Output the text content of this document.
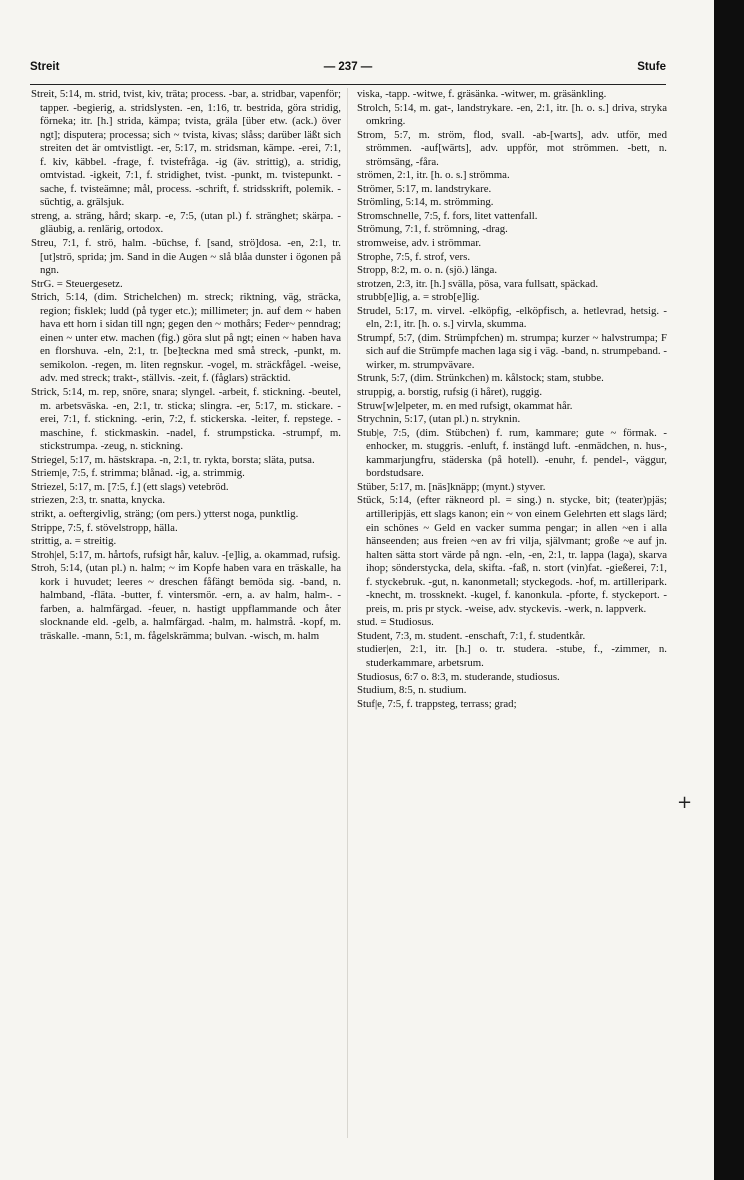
Streit	— 237 —	Stufe

Streit, 5:14, m. strid, tvist, kiv, träta; process. -bar, a. stridbar, vapenför; tapper. -begierig, a. stridslysten. -en, 1:16, tr. bestrida, göra stridig, förneka; itr. [h.] strida, kämpa; tvista, gräla [über etw. (ack.) över ngt]; disputera; processa; sich ~ tvista, kivas; slåss; darüber läßt sich streiten det är omtvistligt. -er, 5:17, m. stridsman, kämpe. -erei, 7:1, f. kiv, käbbel. -frage, f. tvistefråga. -ig (äv. strittig), a. stridig, omtvistad. -igkeit, 7:1, f. stridighet, tvist. -punkt, m. tvistepunkt. -sache, f. tvisteämne; mål, process. -schrift, f. stridsskrift, polemik. -süchtig, a. grälsjuk.

streng, a. sträng, hård; skarp. -e, 7:5, (utan pl.) f. stränghet; skärpa. -gläubig, a. renlärig, ortodox.

Streu, 7:1, f. strö, halm. -büchse, f. [sand, strö]dosa. -en, 2:1, tr. [ut]strö, sprida; jm. Sand in die Augen ~ slå blåa dunster i ögonen på ngn.

StrG. = Steuergesetz.

Strich, 5:14, (dim. Strichelchen) m. streck; riktning, väg, sträcka, region; fisklek; ludd (på tyger etc.); millimeter; jn. auf dem ~ haben hava ett horn i sidan till ngn; gegen den ~ mothårs; Feder~ penndrag; einen ~ unter etw. machen (fig.) göra slut på ngt; einen ~ haben hava en florshuva. -eln, 2:1, tr. [be]teckna med små streck, -punkt, m. semikolon. -regen, m. liten regnskur. -vogel, m. sträckfågel. -weise, adv. med streck; trakt-, ställvis. -zeit, f. (fåglars) sträcktid.

Strick, 5:14, m. rep, snöre, snara; slyngel. -arbeit, f. stickning. -beutel, m. arbetsväska. -en, 2:1, tr. sticka; slingra. -er, 5:17, m. stickare. -erei, 7:1, f. stickning. -erin, 7:2, f. stickerska. -leiter, f. repstege. -maschine, f. stickmaskin. -nadel, f. strumpsticka. -strumpf, m. stickstrumpa. -zeug, n. stickning.

Striegel, 5:17, m. hästskrapa. -n, 2:1, tr. rykta, borsta; släta, putsa.

Striem|e, 7:5, f. strimma; blånad. -ig, a. strimmig.

Striezel, 5:17, m. [7:5, f.] (ett slags) vetebröd.

striezen, 2:3, tr. snatta, knycka.

strikt, a. oeftergivlig, sträng; (om pers.) ytterst noga, punktlig.

Strippe, 7:5, f. stövelstropp, hälla.

strittig, a. = streitig.

Stroh|el, 5:17, m. hårtofs, rufsigt hår, kaluv. -[e]lig, a. okammad, rufsig.

Stroh, 5:14, (utan pl.) n. halm; ~ im Kopfe haben vara en träskalle, ha kork i huvudet; leeres ~ dreschen fåfängt bemöda sig. -band, n. halmband, -fläta. -butter, f. vintersmör. -ern, a. av halm, halm-. -farben, a. halmfärgad. -feuer, n. hastigt uppflammande och åter slocknande eld. -gelb, a. halmfärgad. -halm, m. halmstrå. -kopf, m. träskalle. -mann, 5:1, m. fågelskrämma; bulvan. -wisch, m. halm

viska, -tapp. -witwe, f. gräsänka. -witwer, m. gräsänkling.

Strolch, 5:14, m. gat-, landstrykare. -en, 2:1, itr. [h. o. s.] driva, stryka omkring.

Strom, 5:7, m. ström, flod, svall. -ab-[warts], adv. utför, med strömmen. -auf[wärts], adv. uppför, mot strömmen. -bett, n. strömsäng, -fåra.

strömen, 2:1, itr. [h. o. s.] strömma.

Strömer, 5:17, m. landstrykare.

Strömling, 5:14, m. strömming.

Stromschnelle, 7:5, f. fors, litet vattenfall.

Strömung, 7:1, f. strömning, -drag.

stromweise, adv. i strömmar.

Strophe, 7:5, f. strof, vers.

Stropp, 8:2, m. o. n. (sjö.) länga.

strotzen, 2:3, itr. [h.] svälla, pösa, vara fullsatt, späckad.

strubb[e]lig, a. = strob[e]lig.

Strudel, 5:17, m. virvel. -elköpfig, -elköpfisch, a. hetlevrad, hetsig. -eln, 2:1, itr. [h. o. s.] virvla, skumma.

Strumpf, 5:7, (dim. Strümpfchen) m. strumpa; kurzer ~ halvstrumpa; F sich auf die Strümpfe machen laga sig i väg. -band, n. strumpeband. -wirker, m. strumpvävare.

Strunk, 5:7, (dim. Strünkchen) m. kålstock; stam, stubbe.

struppig, a. borstig, rufsig (i håret), ruggig.

Struw[w]elpeter, m. en med rufsigt, okammat hår.

Strychnin, 5:17, (utan pl.) n. stryknin.

Stub|e, 7:5, (dim. Stübchen) f. rum, kammare; gute ~ förmak. -enhocker, m. stuggris. -enluft, f. instängd luft. -enmädchen, n. hus-, kammarjungfru, städerska (på hotell). -enuhr, f. pendel-, väggur, bordstudsare.

Stüber, 5:17, m. [näs]knäpp; (mynt.) styver.

Stück, 5:14, (efter räkneord pl. = sing.) n. stycke, bit; (teater)pjäs; artilleripjäs, ett slags kanon; ein ~ von einem Gelehrten ett slags lärd; ein schönes ~ Geld en vacker summa pengar; in allen ~en i alla hänseenden; aus freien ~en av fri vilja, självmant; große ~e auf jn. halten sätta stort värde på ngn. -eln, -en, 2:1, tr. lappa (laga), skarva ihop; sönderstycka, dela, skifta. -faß, n. stort (vin)fat. -gießerei, 7:1, f. styckebruk. -gut, n. kanonmetall; styckegods. -hof, m. artilleripark. -knecht, m. trossknekt. -kugel, f. kanonkula. -pforte, f. styckeport. -preis, m. pris pr styck. -weise, adv. styckevis. -werk, n. lappverk.

stud. = Studiosus.

Student, 7:3, m. student. -enschaft, 7:1, f. studentkår.

studier|en, 2:1, itr. [h.] o. tr. studera. -stube, f., -zimmer, n. studerkammare, arbetsrum.

Studiosus, 6:7 o. 8:3, m. studerande, studiosus.

Studium, 8:5, n. studium.

Stuf|e, 7:5, f. trappsteg, terrass; grad;

+
